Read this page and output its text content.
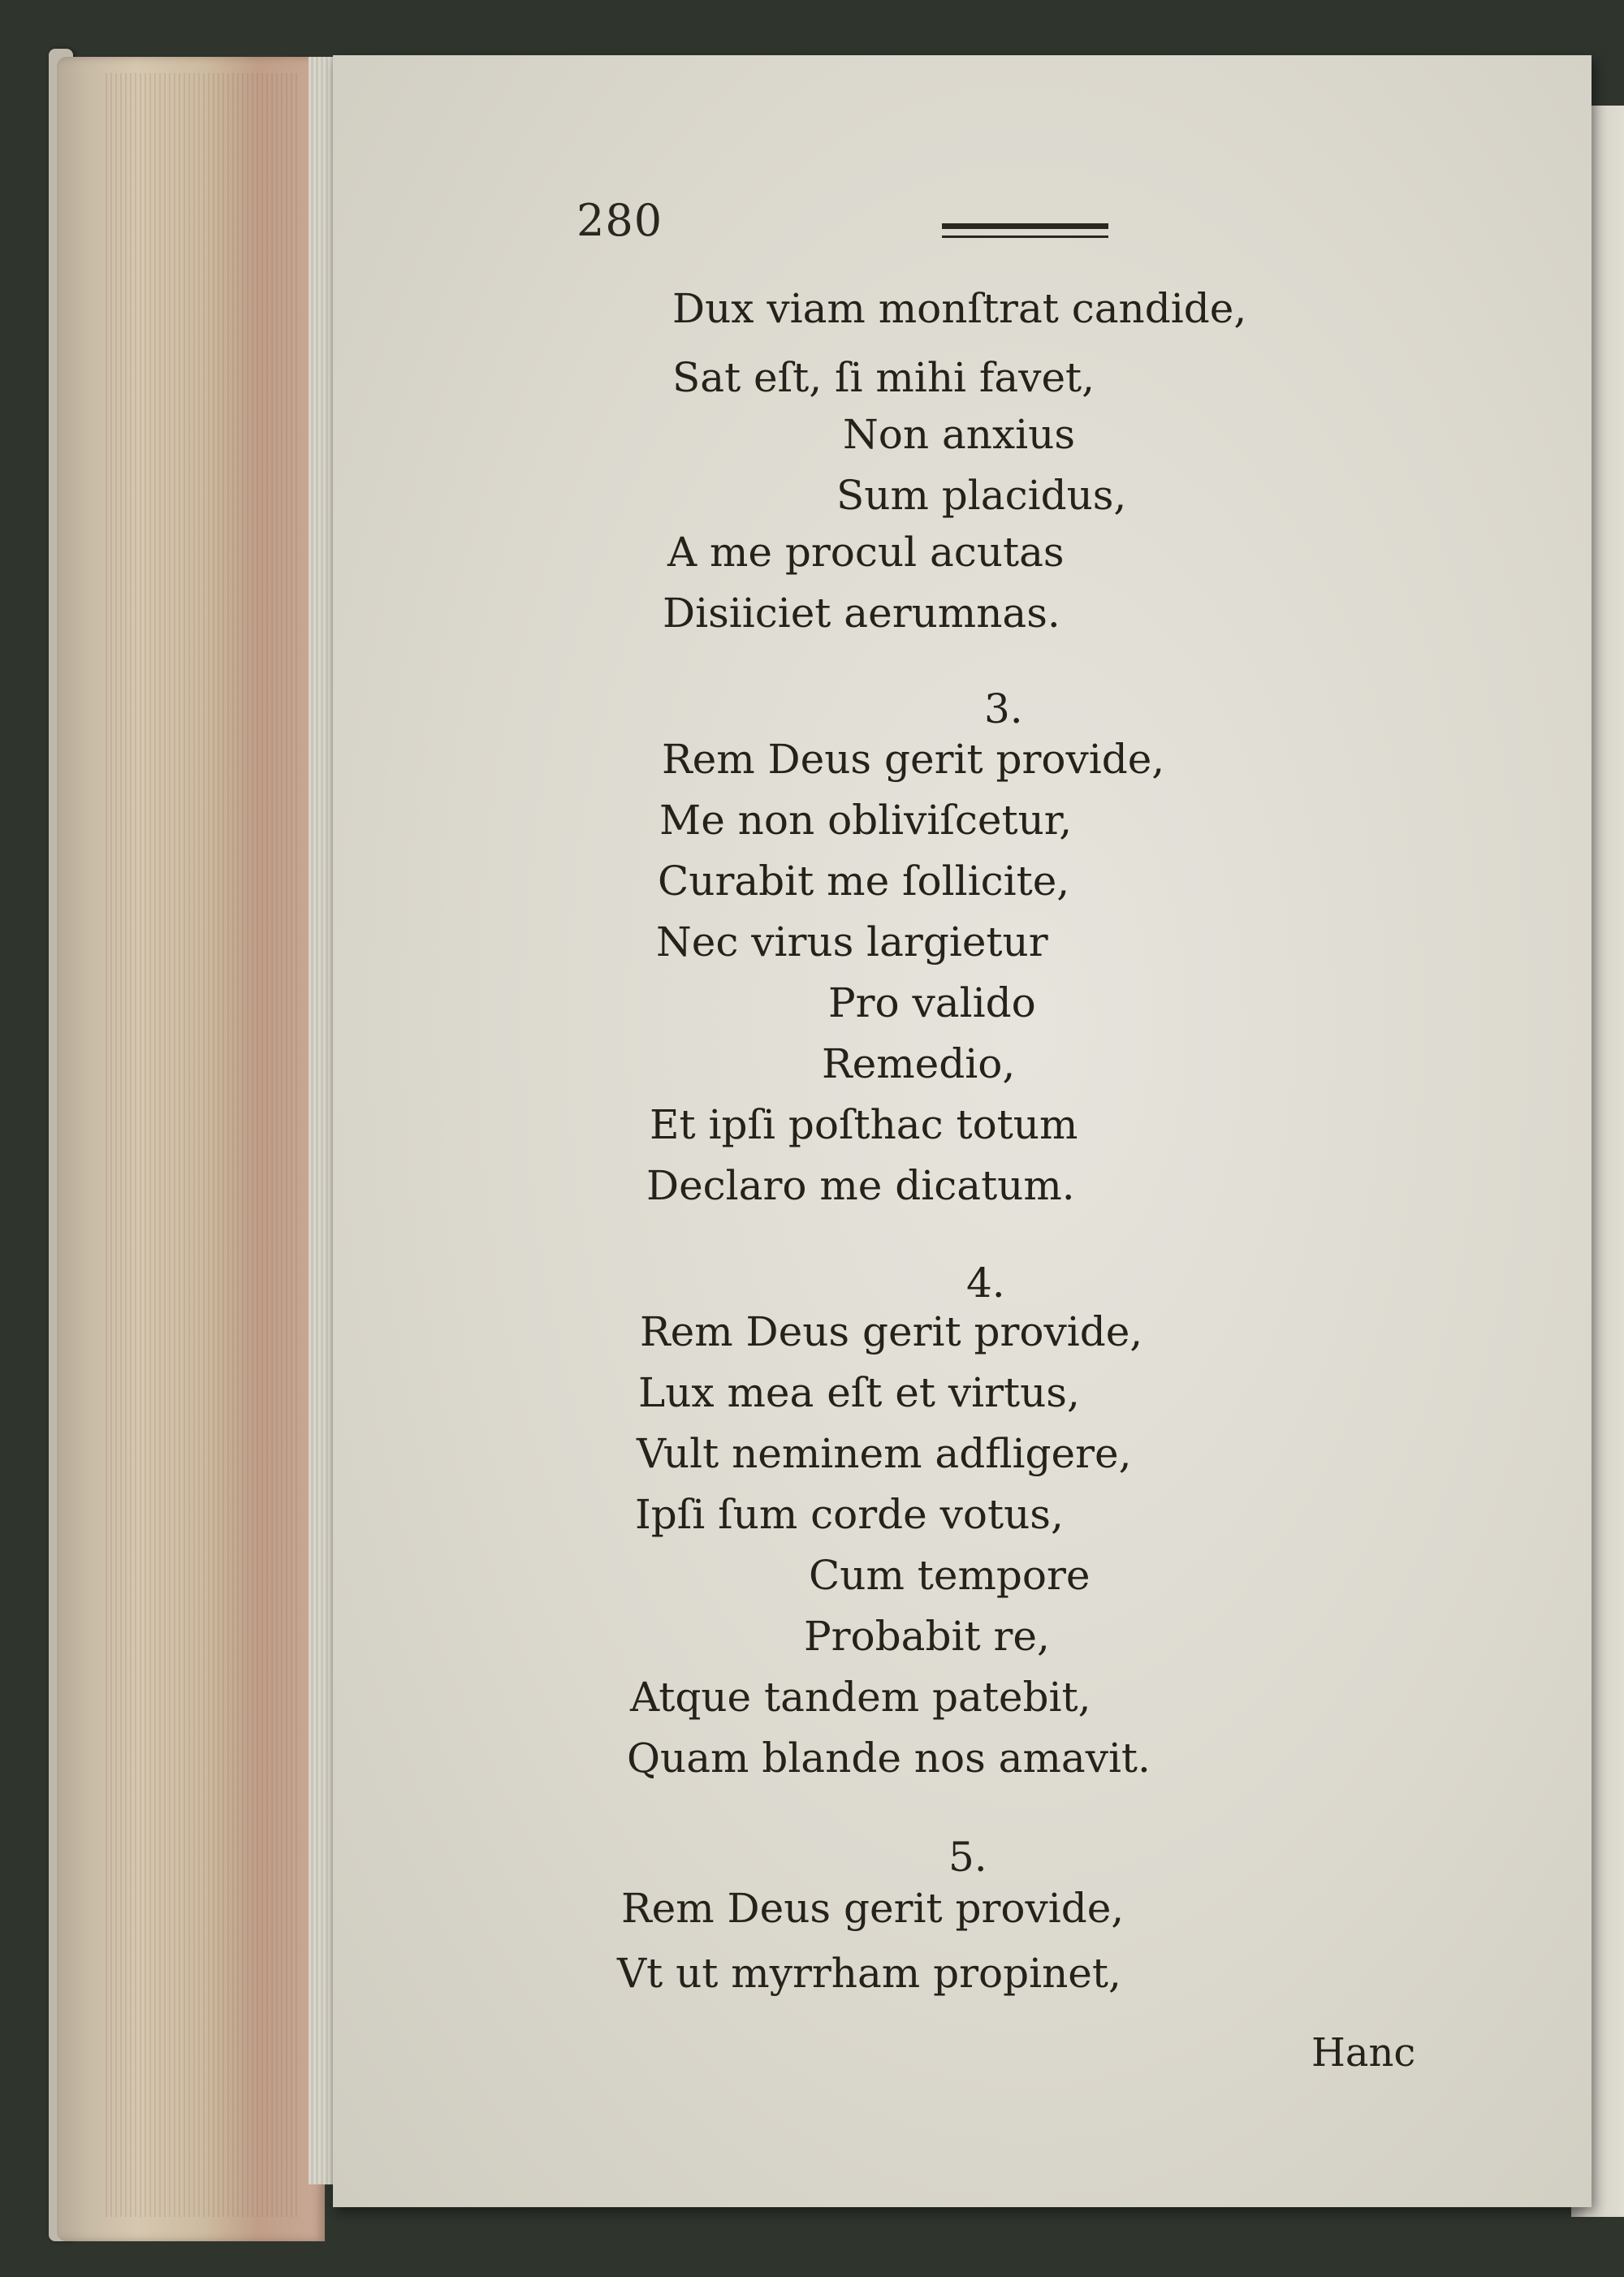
280
Dux viam monſtrat candide,
Sat eſt, ſi mihi favet,
Non anxius
Sum placidus,
A me procul acutas
Disiiciet aerumnas.
3.
Rem Deus gerit provide,
Me non obliviſcetur,
Curabit me ſollicite,
Nec virus largietur
Pro valido
Remedio,
Et ipſi poſthac totum
Declaro me dicatum.
4.
Rem Deus gerit provide,
Lux mea eſt et virtus,
Vult neminem adfligere,
Ipſi ſum corde votus,
Cum tempore
Probabit re,
Atque tandem patebit,
Quam blande nos amavit.
5.
Rem Deus gerit provide,
Vt ut myrrham propinet,
Hanc
